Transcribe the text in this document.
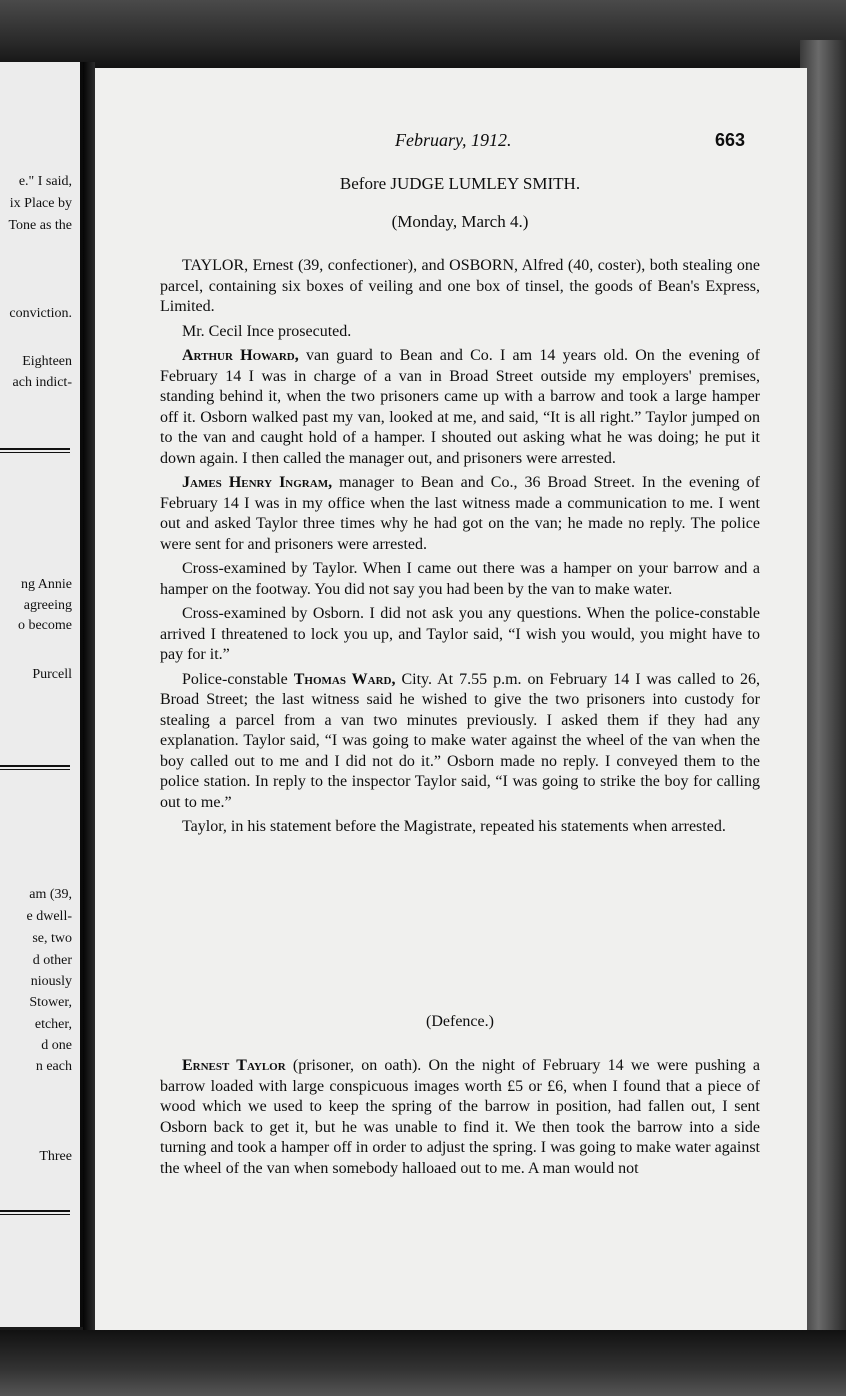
e." I said,
ix Place by
Tone as the
conviction.
Eighteen
ach indict-
ng Annie
agreeing
o become
Purcell
am (39,
e dwell-
se, two
d other
niously
Stower,
etcher,
d one
n each
Three
February, 1912.	663
Before JUDGE LUMLEY SMITH.
(Monday, March 4.)

TAYLOR, Ernest (39, confectioner), and OSBORN, Alfred (40, coster), both stealing one parcel, containing six boxes of veiling and one box of tinsel, the goods of Bean's Express, Limited.

Mr. Cecil Ince prosecuted.

Arthur Howard, van guard to Bean and Co. I am 14 years old. On the evening of February 14 I was in charge of a van in Broad Street outside my employers' premises, standing behind it, when the two prisoners came up with a barrow and took a large hamper off it. Osborn walked past my van, looked at me, and said, “It is all right.” Taylor jumped on to the van and caught hold of a hamper. I shouted out asking what he was doing; he put it down again. I then called the manager out, and prisoners were arrested.

James Henry Ingram, manager to Bean and Co., 36 Broad Street. In the evening of February 14 I was in my office when the last witness made a communication to me. I went out and asked Taylor three times why he had got on the van; he made no reply. The police were sent for and prisoners were arrested.

Cross-examined by Taylor. When I came out there was a hamper on your barrow and a hamper on the footway. You did not say you had been by the van to make water.

Cross-examined by Osborn. I did not ask you any questions. When the police-constable arrived I threatened to lock you up, and Taylor said, “I wish you would, you might have to pay for it.”

Police-constable Thomas Ward, City. At 7.55 p.m. on February 14 I was called to 26, Broad Street; the last witness said he wished to give the two prisoners into custody for stealing a parcel from a van two minutes previously. I asked them if they had any explanation. Taylor said, “I was going to make water against the wheel of the van when the boy called out to me and I did not do it.” Osborn made no reply. I conveyed them to the police station. In reply to the inspector Taylor said, “I was going to strike the boy for calling out to me.”

Taylor, in his statement before the Magistrate, repeated his statements when arrested.

(Defence.)

Ernest Taylor (prisoner, on oath). On the night of February 14 we were pushing a barrow loaded with large conspicuous images worth £5 or £6, when I found that a piece of wood which we used to keep the spring of the barrow in position, had fallen out, I sent Osborn back to get it, but he was unable to find it. We then took the barrow into a side turning and took a hamper off in order to adjust the spring. I was going to make water against the wheel of the van when somebody halloaed out to me. A man would not
